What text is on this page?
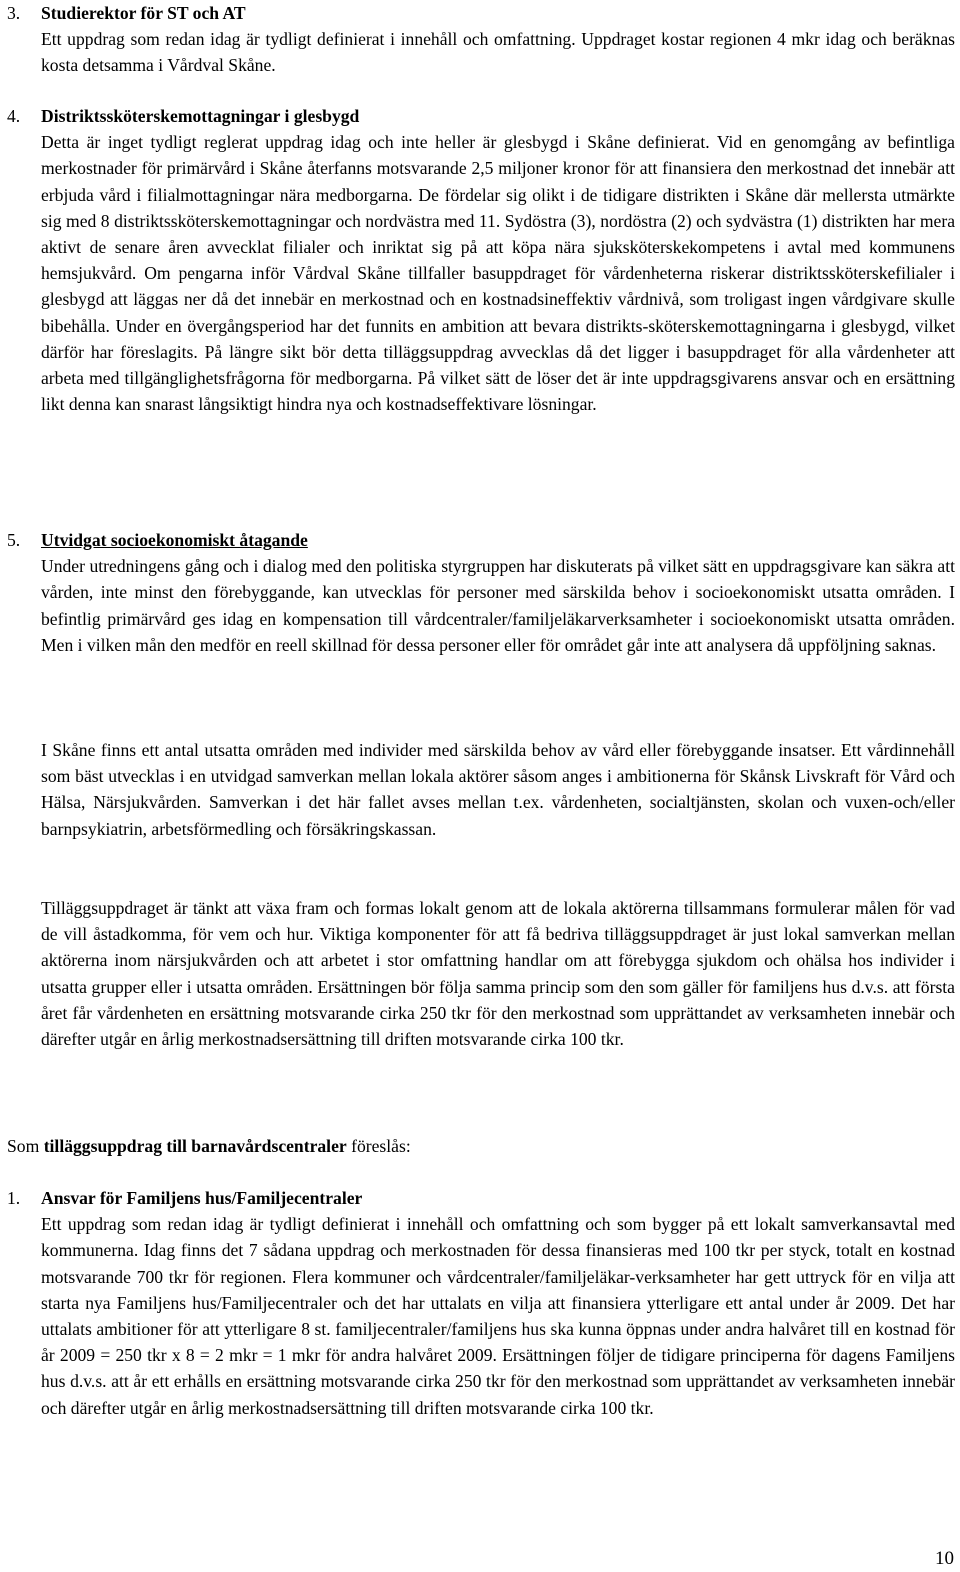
3. Studierektor för ST och AT

Ett uppdrag som redan idag är tydligt definierat i innehåll och omfattning. Uppdraget kostar regionen 4 mkr idag och beräknas kosta detsamma i Vårdval Skåne.

4. Distriktssköterskemottagningar i glesbygd

Detta är inget tydligt reglerat uppdrag idag och inte heller är glesbygd i Skåne definierat. Vid en genomgång av befintliga merkostnader för primärvård i Skåne återfanns motsvarande 2,5 miljoner kronor för att finansiera den merkostnad det innebär att erbjuda vård i filialmottagningar nära medborgarna. De fördelar sig olikt i de tidigare distrikten i Skåne där mellersta utmärkte sig med 8 distriktssköterskemottagningar och nordvästra med 11. Sydöstra (3), nordöstra (2) och sydvästra (1) distrikten har mera aktivt de senare åren avvecklat filialer och inriktat sig på att köpa nära sjuksköterskekompetens i avtal med kommunens hemsjukvård. Om pengarna inför Vårdval Skåne tillfaller basuppdraget för vårdenheterna riskerar distriktssköterskefilialer i glesbygd att läggas ner då det innebär en merkostnad och en kostnadsineffektiv vårdnivå, som troligast ingen vårdgivare skulle bibehålla. Under en övergångsperiod har det funnits en ambition att bevara distrikts-sköterskemottagningarna i glesbygd, vilket därför har föreslagits. På längre sikt bör detta tilläggsuppdrag avvecklas då det ligger i basuppdraget för alla vårdenheter att arbeta med tillgänglighetsfrågorna för medborgarna. På vilket sätt de löser det är inte uppdragsgivarens ansvar och en ersättning likt denna kan snarast långsiktigt hindra nya och kostnadseffektivare lösningar.

5. Utvidgat socioekonomiskt åtagande

Under utredningens gång och i dialog med den politiska styrgruppen har diskuterats på vilket sätt en uppdragsgivare kan säkra att vården, inte minst den förebyggande, kan utvecklas för personer med särskilda behov i socioekonomiskt utsatta områden. I befintlig primärvård ges idag en kompensation till vårdcentraler/familjeläkarverksamheter i socioekonomiskt utsatta områden. Men i vilken mån den medför en reell skillnad för dessa personer eller för området går inte att analysera då uppföljning saknas.

I Skåne finns ett antal utsatta områden med individer med särskilda behov av vård eller förebyggande insatser. Ett vårdinnehåll som bäst utvecklas i en utvidgad samverkan mellan lokala aktörer såsom anges i ambitionerna för Skånsk Livskraft för Vård och Hälsa, Närsjukvården. Samverkan i det här fallet avses mellan t.ex. vårdenheten, socialtjänsten, skolan och vuxen-och/eller barnpsykiatrin, arbetsförmedling och försäkringskassan.

Tilläggsuppdraget är tänkt att växa fram och formas lokalt genom att de lokala aktörerna tillsammans formulerar målen för vad de vill åstadkomma, för vem och hur. Viktiga komponenter för att få bedriva tilläggsuppdraget är just lokal samverkan mellan aktörerna inom närsjukvården och att arbetet i stor omfattning handlar om att förebygga sjukdom och ohälsa hos individer i utsatta grupper eller i utsatta områden. Ersättningen bör följa samma princip som den som gäller för familjens hus d.v.s. att första året får vårdenheten en ersättning motsvarande cirka 250 tkr för den merkostnad som upprättandet av verksamheten innebär och därefter utgår en årlig merkostnadsersättning till driften motsvarande cirka 100 tkr.

Som tilläggsuppdrag till barnavårdscentraler föreslås:

1. Ansvar för Familjens hus/Familjecentraler

Ett uppdrag som redan idag är tydligt definierat i innehåll och omfattning och som bygger på ett lokalt samverkansavtal med kommunerna. Idag finns det 7 sådana uppdrag och merkostnaden för dessa finansieras med 100 tkr per styck, totalt en kostnad motsvarande 700 tkr för regionen. Flera kommuner och vårdcentraler/familjeläkar-verksamheter har gett uttryck för en vilja att starta nya Familjens hus/Familjecentraler och det har uttalats en vilja att finansiera ytterligare ett antal under år 2009. Det har uttalats ambitioner för att ytterligare 8 st. familjecentraler/familjens hus ska kunna öppnas under andra halvåret till en kostnad för år 2009 = 250 tkr x 8 = 2 mkr = 1 mkr för andra halvåret 2009. Ersättningen följer de tidigare principerna för dagens Familjens hus d.v.s. att år ett erhålls en ersättning motsvarande cirka 250 tkr för den merkostnad som upprättandet av verksamheten innebär och därefter utgår en årlig merkostnadsersättning till driften motsvarande cirka 100 tkr.

10
